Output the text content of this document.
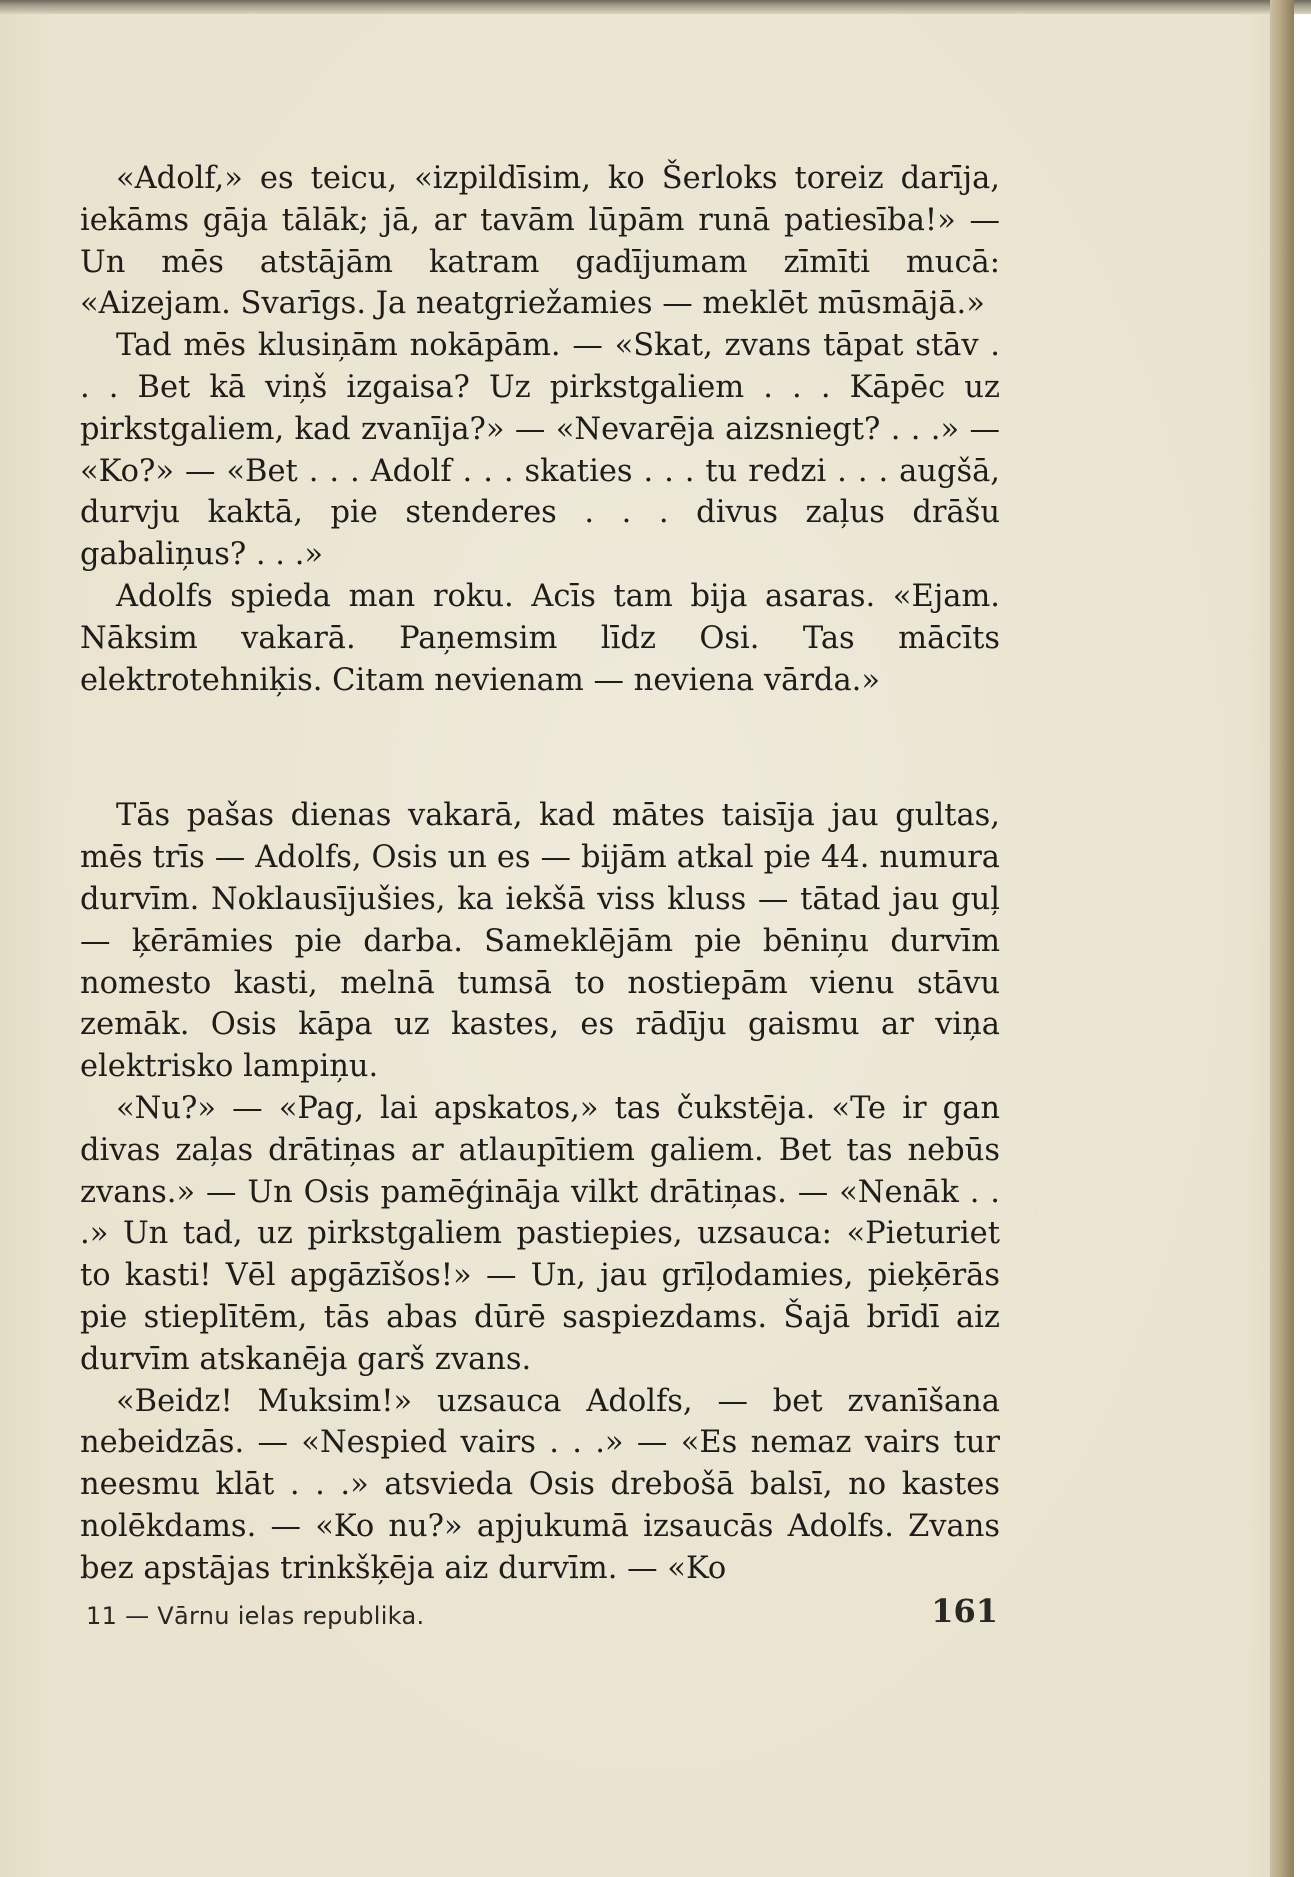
«Adolf,» es teicu, «izpildīsim, ko Šerloks toreiz darīja, iekāms gāja tālāk; jā, ar tavām lūpām runā patiesība!» — Un mēs atstājām katram gadījumam zīmīti mucā: «Aizejam. Svarīgs. Ja neatgriežamies — meklēt mūsmājā.»

Tad mēs klusiņām nokāpām. — «Skat, zvans tāpat stāv . . . Bet kā viņš izgaisa? Uz pirkstgaliem . . . Kāpēc uz pirkstgaliem, kad zvanīja?» — «Nevarēja aizsniegt? . . .» — «Ko?» — «Bet . . . Adolf . . . skaties . . . tu redzi . . . augšā, durvju kaktā, pie stenderes . . . divus zaļus drāšu gabaliņus? . . .»

Adolfs spieda man roku. Acīs tam bija asaras. «Ejam. Nāksim vakarā. Paņemsim līdz Osi. Tas mācīts elektrotehniķis. Citam nevienam — neviena vārda.»

Tās pašas dienas vakarā, kad mātes taisīja jau gultas, mēs trīs — Adolfs, Osis un es — bijām atkal pie 44. numura durvīm. Noklausījušies, ka iekšā viss kluss — tātad jau guļ — ķērāmies pie darba. Sameklējām pie bēniņu durvīm nomesto kasti, melnā tumsā to nostiepām vienu stāvu zemāk. Osis kāpa uz kastes, es rādīju gaismu ar viņa elektrisko lampiņu.

«Nu?» — «Pag, lai apskatos,» tas čukstēja. «Te ir gan divas zaļas drātiņas ar atlaupītiem galiem. Bet tas nebūs zvans.» — Un Osis pamēģināja vilkt drātiņas. — «Nenāk . . .» Un tad, uz pirkstgaliem pastiepies, uzsauca: «Pieturiet to kasti! Vēl apgāzīšos!» — Un, jau grīļodamies, pieķērās pie stieplītēm, tās abas dūrē saspiezdams. Šajā brīdī aiz durvīm atskanēja garš zvans.

«Beidz! Muksim!» uzsauca Adolfs, — bet zvanīšana nebeidzās. — «Nespied vairs . . .» — «Es nemaz vairs tur neesmu klāt . . .» atsvieda Osis drebošā balsī, no kastes nolēkdams. — «Ko nu?» apjukumā izsaucās Adolfs. Zvans bez apstājas trinkšķēja aiz durvīm. — «Ko

11 — Vārnu ielas republika.	161
